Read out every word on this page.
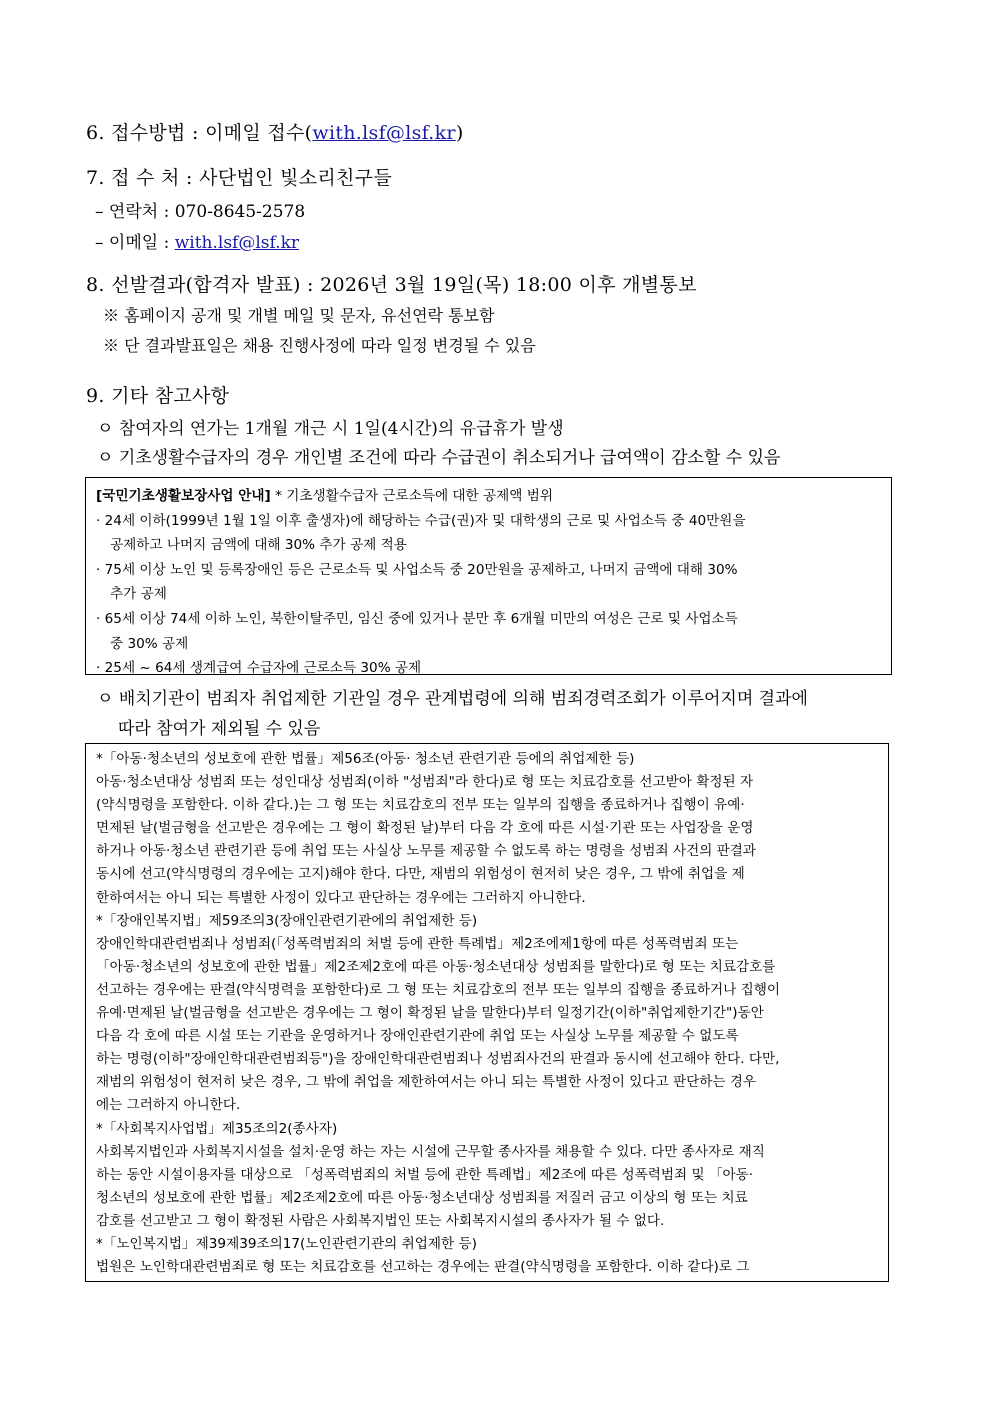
6. 접수방법 : 이메일 접수(with.lsf@lsf.kr)
7. 접 수 처 : 사단법인 빛소리친구들
– 연락처 : 070-8645-2578
– 이메일 : with.lsf@lsf.kr
8. 선발결과(합격자 발표) : 2026년 3월 19일(목) 18:00 이후 개별통보
※ 홈페이지 공개 및 개별 메일 및 문자, 유선연락 통보함
※ 단 결과발표일은 채용 진행사정에 따라 일정 변경될 수 있음
9. 기타 참고사항
ㅇ 참여자의 연가는 1개월 개근 시 1일(4시간)의 유급휴가 발생
ㅇ 기초생활수급자의 경우 개인별 조건에 따라 수급권이 취소되거나 급여액이 감소할 수 있음
[국민기초생활보장사업 안내] * 기초생활수급자 근로소득에 대한 공제액 범위
· 24세 이하(1999년 1월 1일 이후 출생자)에 해당하는 수급(권)자 및 대학생의 근로 및 사업소득 중 40만원을
공제하고 나머지 금액에 대해 30% 추가 공제 적용
· 75세 이상 노인 및 등록장애인 등은 근로소득 및 사업소득 중 20만원을 공제하고, 나머지 금액에 대해 30%
추가 공제
· 65세 이상 74세 이하 노인, 북한이탈주민, 임신 중에 있거나 분만 후 6개월 미만의 여성은 근로 및 사업소득
중 30% 공제
· 25세 ~ 64세 생계급여 수급자에 근로소득 30% 공제
ㅇ 배치기관이 범죄자 취업제한 기관일 경우 관계법령에 의해 범죄경력조회가 이루어지며 결과에
따라 참여가 제외될 수 있음
*「아동·청소년의 성보호에 관한 법률」제56조(아동· 청소년 관련기관 등에의 취업제한 등)
아동·청소년대상 성범죄 또는 성인대상 성범죄(이하 "성범죄"라 한다)로 형 또는 치료감호를 선고받아 확정된 자
(약식명령을 포함한다. 이하 같다.)는 그 형 또는 치료감호의 전부 또는 일부의 집행을 종료하거나 집행이 유예·
면제된 날(벌금형을 선고받은 경우에는 그 형이 확정된 날)부터 다음 각 호에 따른 시설·기관 또는 사업장을 운영
하거나 아동·청소년 관련기관 등에 취업 또는 사실상 노무를 제공할 수 없도록 하는 명령을 성범죄 사건의 판결과
동시에 선고(약식명령의 경우에는 고지)해야 한다. 다만, 재범의 위험성이 현저히 낮은 경우, 그 밖에 취업을 제
한하여서는 아니 되는 특별한 사정이 있다고 판단하는 경우에는 그러하지 아니한다.
*「장애인복지법」제59조의3(장애인관련기관에의 취업제한 등)
장애인학대관련범죄나 성범죄(「성폭력범죄의 처벌 등에 관한 특례법」제2조에제1항에 따른 성폭력범죄 또는
「아동·청소년의 성보호에 관한 법률」제2조제2호에 따른 아동·청소년대상 성범죄를 말한다)로 형 또는 치료감호를
선고하는 경우에는 판결(약식명력을 포함한다)로 그 형 또는 치료감호의 전부 또는 일부의 집행을 종료하거나 집행이
유예·면제된 날(벌금형을 선고받은 경우에는 그 형이 확정된 날을 말한다)부터 일정기간(이하"취업제한기간")동안
다음 각 호에 따른 시설 또는 기관을 운영하거나 장애인관련기관에 취업 또는 사실상 노무를 제공할 수 없도록
하는 명령(이하"장애인학대관련범죄등")을 장애인학대관련범죄나 성범죄사건의 판결과 동시에 선고해야 한다. 다만,
재범의 위험성이 현저히 낮은 경우, 그 밖에 취업을 제한하여서는 아니 되는 특별한 사정이 있다고 판단하는 경우
에는 그러하지 아니한다.
*「사회복지사업법」제35조의2(종사자)
사회복지법인과 사회복지시설을 설치·운영 하는 자는 시설에 근무할 종사자를 채용할 수 있다. 다만 종사자로 재직
하는 동안 시설이용자를 대상으로 「성폭력범죄의 처벌 등에 관한 특례법」제2조에 따른 성폭력범죄 및 「아동·
청소년의 성보호에 관한 법률」제2조제2호에 따른 아동·청소년대상 성범죄를 저질러 금고 이상의 형 또는 치료
감호를 선고받고 그 형이 확정된 사람은 사회복지법인 또는 사회복지시설의 종사자가 될 수 없다.
*「노인복지법」제39제39조의17(노인관련기관의 취업제한 등)
법원은 노인학대관련범죄로 형 또는 치료감호를 선고하는 경우에는 판결(약식명령을 포함한다. 이하 같다)로 그
